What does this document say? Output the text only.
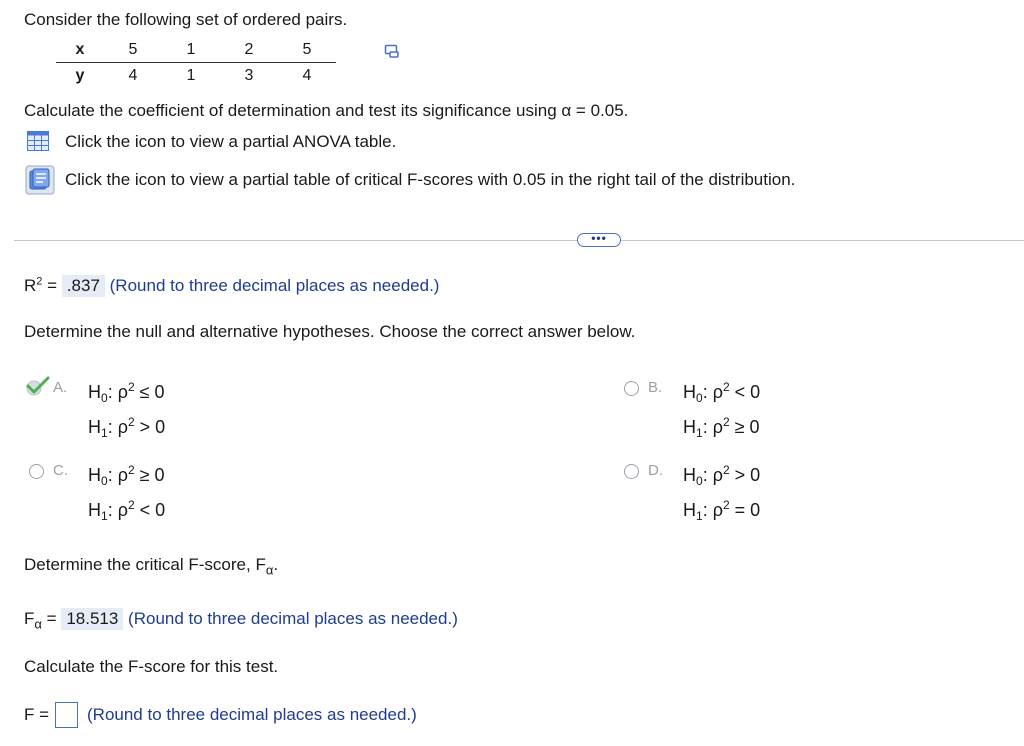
Consider the following set of ordered pairs.
x	5	1	2	5
y	4	1	3	4
Calculate the coefficient of determination and test its significance using α = 0.05.
Click the icon to view a partial ANOVA table.
Click the icon to view a partial table of critical F-scores with 0.05 in the right tail of the distribution.
•••
$R^2 = .837$ (Round to three decimal places as needed.)
Determine the null and alternative hypotheses. Choose the correct answer below.
A. $H_0$: $\rho^2 \le 0$
$H_1$: $\rho^2 > 0$
B. $H_0$: $\rho^2 < 0$
$H_1$: $\rho^2 \ge 0$
C. $H_0$: $\rho^2 \ge 0$
$H_1$: $\rho^2 < 0$
D. $H_0$: $\rho^2 > 0$
$H_1$: $\rho^2 = 0$
Determine the critical F-score, $F_\alpha$.
$F_\alpha = 18.513$ (Round to three decimal places as needed.)
Calculate the F-score for this test.
F = (Round to three decimal places as needed.)
